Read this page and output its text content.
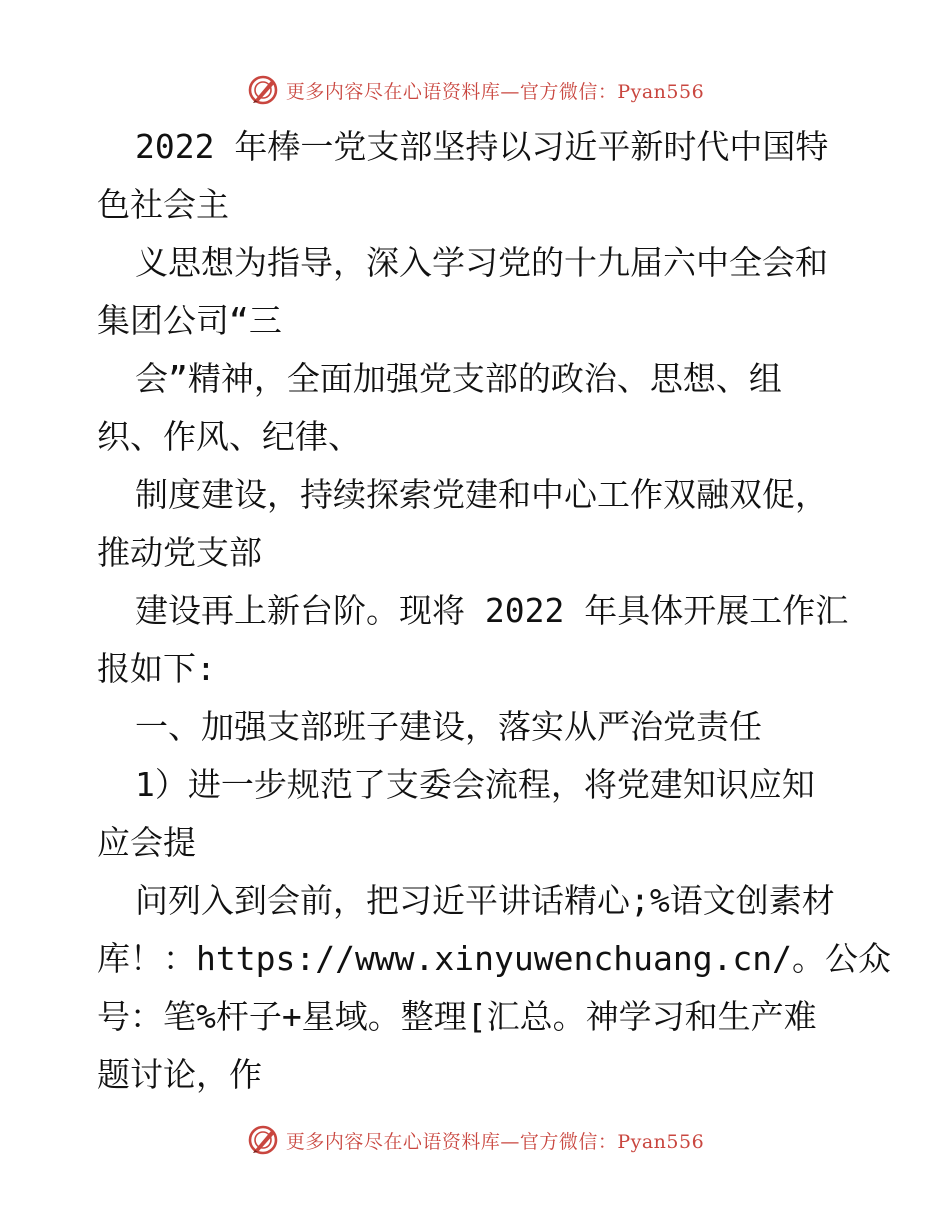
更多内容尽在心语资料库—官方微信：Pyan556
2022 年棒一党支部坚持以习近平新时代中国特
色社会主
义思想为指导，深入学习党的十九届六中全会和
集团公司“三
会”精神，全面加强党支部的政治、思想、组
织、作风、纪律、
制度建设，持续探索党建和中心工作双融双促，
推动党支部
建设再上新台阶。现将 2022 年具体开展工作汇
报如下:
一、加强支部班子建设，落实从严治党责任
1）进一步规范了支委会流程，将党建知识应知
应会提
问列入到会前，把习近平讲话精心;%语文创素材
库！：https://www.xinyuwenchuang.cn/。公众
号：笔%杆子+星域。整理[汇总。神学习和生产难
题讨论，作
更多内容尽在心语资料库—官方微信：Pyan556
